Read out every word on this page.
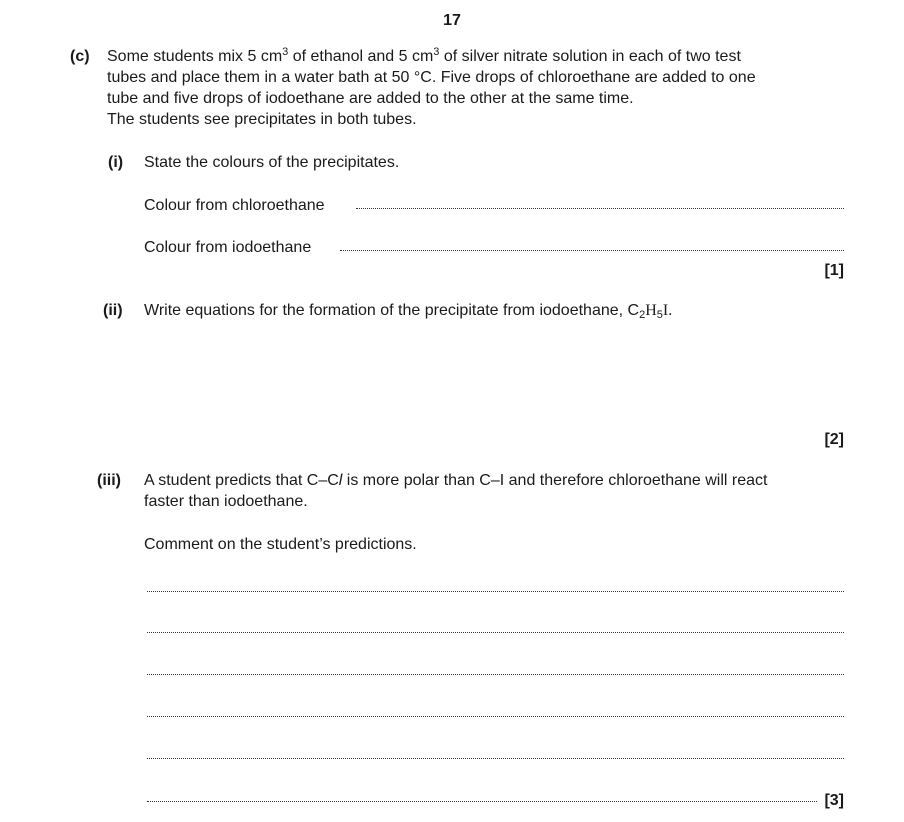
17
(c) Some students mix 5 $cm^3$ of ethanol and 5 $cm^3$ of silver nitrate solution in each of two test
tubes and place them in a water bath at 50 °C. Five drops of chloroethane are added to one
tube and five drops of iodoethane are added to the other at the same time.
The students see precipitates in both tubes.
(i) State the colours of the precipitates.
Colour from chloroethane
Colour from iodoethane
[1]
(ii) Write equations for the formation of the precipitate from iodoethane, $C_2H_5I$.
[2]
(iii) A student predicts that C–Cl is more polar than C–I and therefore chloroethane will react
faster than iodoethane.
Comment on the student’s predictions.
[3]
